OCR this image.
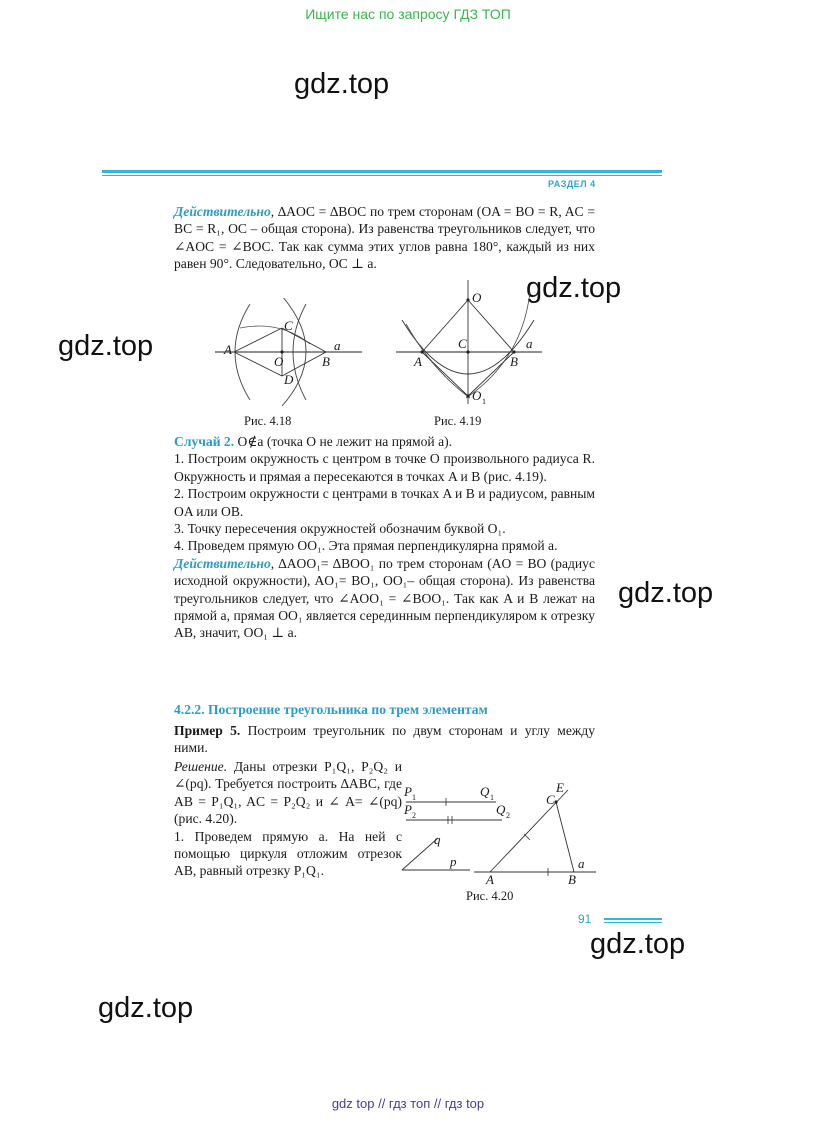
Ищите нас по запросу ГДЗ ТОП
gdz.top
gdz.top
gdz.top
gdz.top
gdz.top
gdz.top
РАЗДЕЛ 4

Действительно, ∆AOC = ∆BOC по трем сторонам (OA = BO = R, AC = BC = R₁, OC – общая сторона). Из равенства треугольников следует, что ∠AOC = ∠BOC. Так как сумма этих углов равна 180°, каждый из них равен 90°. Следовательно, OC ⊥ a.

A
C
O
a
B
D
Рис. 4.18
O
C	a
A	B
O 1
Рис. 4.19

Случай 2. O∉a (точка O не лежит на прямой a).

1. Построим окружность с центром в точке O произвольного радиуса R. Окружность и прямая a пересекаются в точках A и B (рис. 4.19).

2. Построим окружности с центрами в точках A и B и радиусом, равным OA или OB.

3. Точку пересечения окружностей обозначим буквой O₁.

4. Проведем прямую OO₁. Эта прямая перпендикулярна прямой a.

Действительно, ∆AOO₁= ∆BOO₁ по трем сторонам (AO = BO (радиус исходной окружности), AO₁= BO₁, OO₁– общая сторона). Из равенства треугольников следует, что ∠AOO₁ = ∠BOO₁. Так как A и B лежат на прямой a, прямая OO₁ является серединным перпендикуляром к отрезку AB, значит, OO₁ ⊥ a.

4.2.2. Построение треугольника по трем элементам

Пример 5. Построим треугольник по двум сторонам и углу между ними.

Решение. Даны отрезки P₁Q₁, P₂Q₂ и ∠(pq). Требуется построить ∆ABC, где AB = P₁Q₁, AC = P₂Q₂ и ∠ A= ∠(pq) (рис. 4.20).

1. Проведем прямую a. На ней с помощью циркуля отложим отрезок AB, равный отрезку P₁Q₁.

P 1	Q 1
P 2	Q 2
q
p
E
C
a
A	B
Рис. 4.20
91
gdz top // гдз топ // гдз top
